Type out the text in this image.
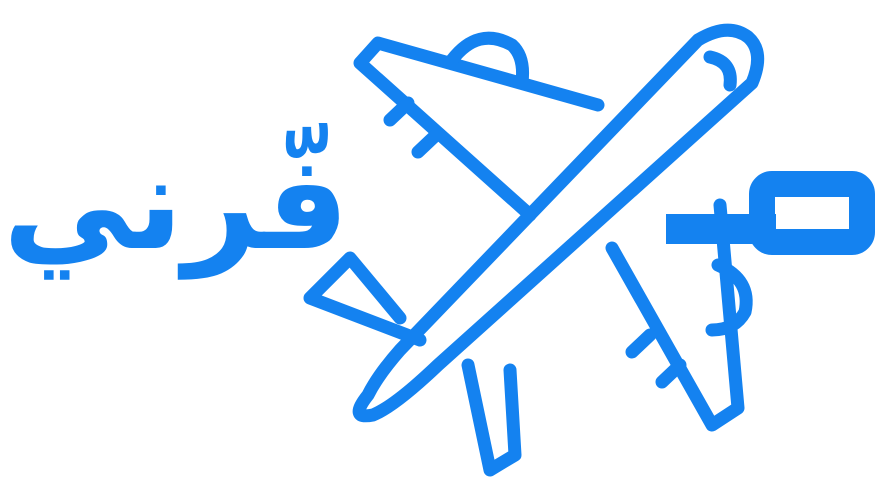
فّرني
